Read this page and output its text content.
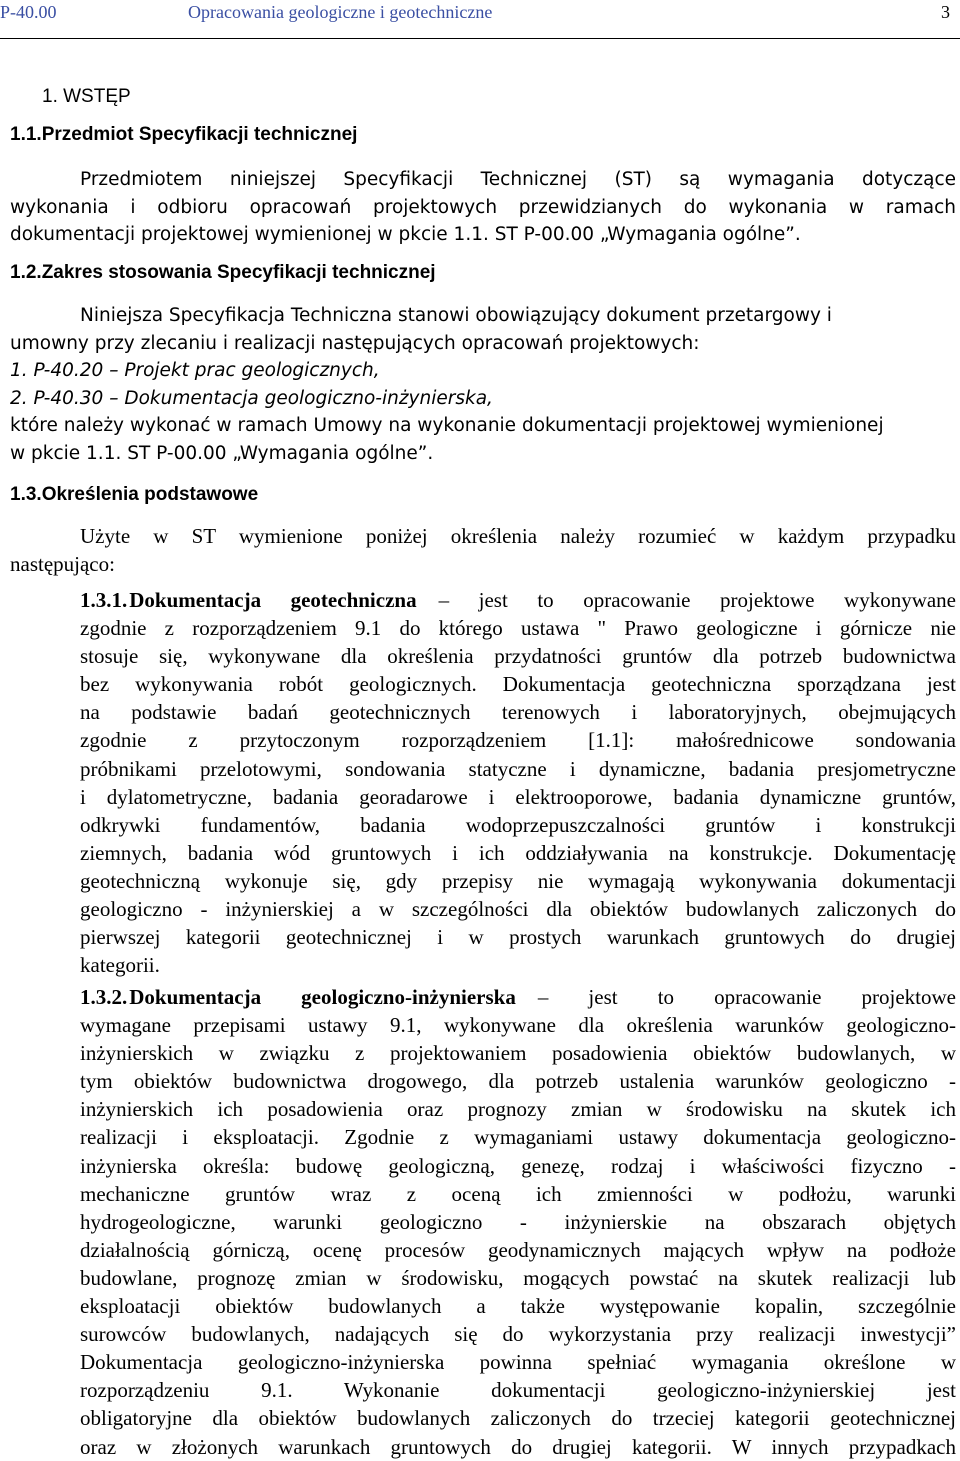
P-40.00	Opracowania geologiczne i geotechniczne	3
1. WSTĘP
1.1.Przedmiot Specyfikacji technicznej
Przedmiotem niniejszej Specyfikacji Technicznej (ST) są wymagania dotyczące
wykonania i odbioru opracowań projektowych przewidzianych do wykonania w ramach
dokumentacji projektowej wymienionej w pkcie 1.1. ST P-00.00 „Wymagania ogólne”.
1.2.Zakres stosowania Specyfikacji technicznej
Niniejsza Specyfikacja Techniczna stanowi obowiązujący dokument przetargowy i
umowny przy zlecaniu i realizacji następujących opracowań projektowych:
1. P-40.20 – Projekt prac geologicznych,
2. P-40.30 – Dokumentacja geologiczno-inżynierska,
które należy wykonać w ramach Umowy na wykonanie dokumentacji projektowej wymienionej
w pkcie 1.1. ST P-00.00 „Wymagania ogólne”.
1.3.Określenia podstawowe
Użyte w ST wymienione poniżej określenia należy rozumieć w każdym przypadku
następująco:
1.3.1.Dokumentacja geotechniczna – jest to opracowanie projektowe wykonywane
zgodnie z rozporządzeniem 9.1 do którego ustawa " Prawo geologiczne i górnicze nie
stosuje się, wykonywane dla określenia przydatności gruntów dla potrzeb budownictwa
bez wykonywania robót geologicznych. Dokumentacja geotechniczna sporządzana jest
na podstawie badań geotechnicznych terenowych i laboratoryjnych, obejmujących
zgodnie z przytoczonym rozporządzeniem [1.1]: małośrednicowe sondowania
próbnikami przelotowymi, sondowania statyczne i dynamiczne, badania presjometryczne
i dylatometryczne, badania georadarowe i elektrooporowe, badania dynamiczne gruntów,
odkrywki fundamentów, badania wodoprzepuszczalności gruntów i konstrukcji
ziemnych, badania wód gruntowych i ich oddziaływania na konstrukcje. Dokumentację
geotechniczną wykonuje się, gdy przepisy nie wymagają wykonywania dokumentacji
geologiczno - inżynierskiej a w szczególności dla obiektów budowlanych zaliczonych do
pierwszej kategorii geotechnicznej i w prostych warunkach gruntowych do drugiej
kategorii.
1.3.2.Dokumentacja geologiczno-inżynierska – jest to opracowanie projektowe
wymagane przepisami ustawy 9.1, wykonywane dla określenia warunków geologiczno-
inżynierskich w związku z projektowaniem posadowienia obiektów budowlanych, w
tym obiektów budownictwa drogowego, dla potrzeb ustalenia warunków geologiczno -
inżynierskich ich posadowienia oraz prognozy zmian w środowisku na skutek ich
realizacji i eksploatacji. Zgodnie z wymaganiami ustawy dokumentacja geologiczno-
inżynierska określa: budowę geologiczną, genezę, rodzaj i właściwości fizyczno -
mechaniczne gruntów wraz z oceną ich zmienności w podłożu, warunki
hydrogeologiczne, warunki geologiczno - inżynierskie na obszarach objętych
działalnością górniczą, ocenę procesów geodynamicznych mających wpływ na podłoże
budowlane, prognozę zmian w środowisku, mogących powstać na skutek realizacji lub
eksploatacji obiektów budowlanych a także występowanie kopalin, szczególnie
surowców budowlanych, nadających się do wykorzystania przy realizacji inwestycji”
Dokumentacja geologiczno-inżynierska powinna spełniać wymagania określone w
rozporządzeniu 9.1. Wykonanie dokumentacji geologiczno-inżynierskiej jest
obligatoryjne dla obiektów budowlanych zaliczonych do trzeciej kategorii geotechnicznej
oraz w złożonych warunkach gruntowych do drugiej kategorii. W innych przypadkach
